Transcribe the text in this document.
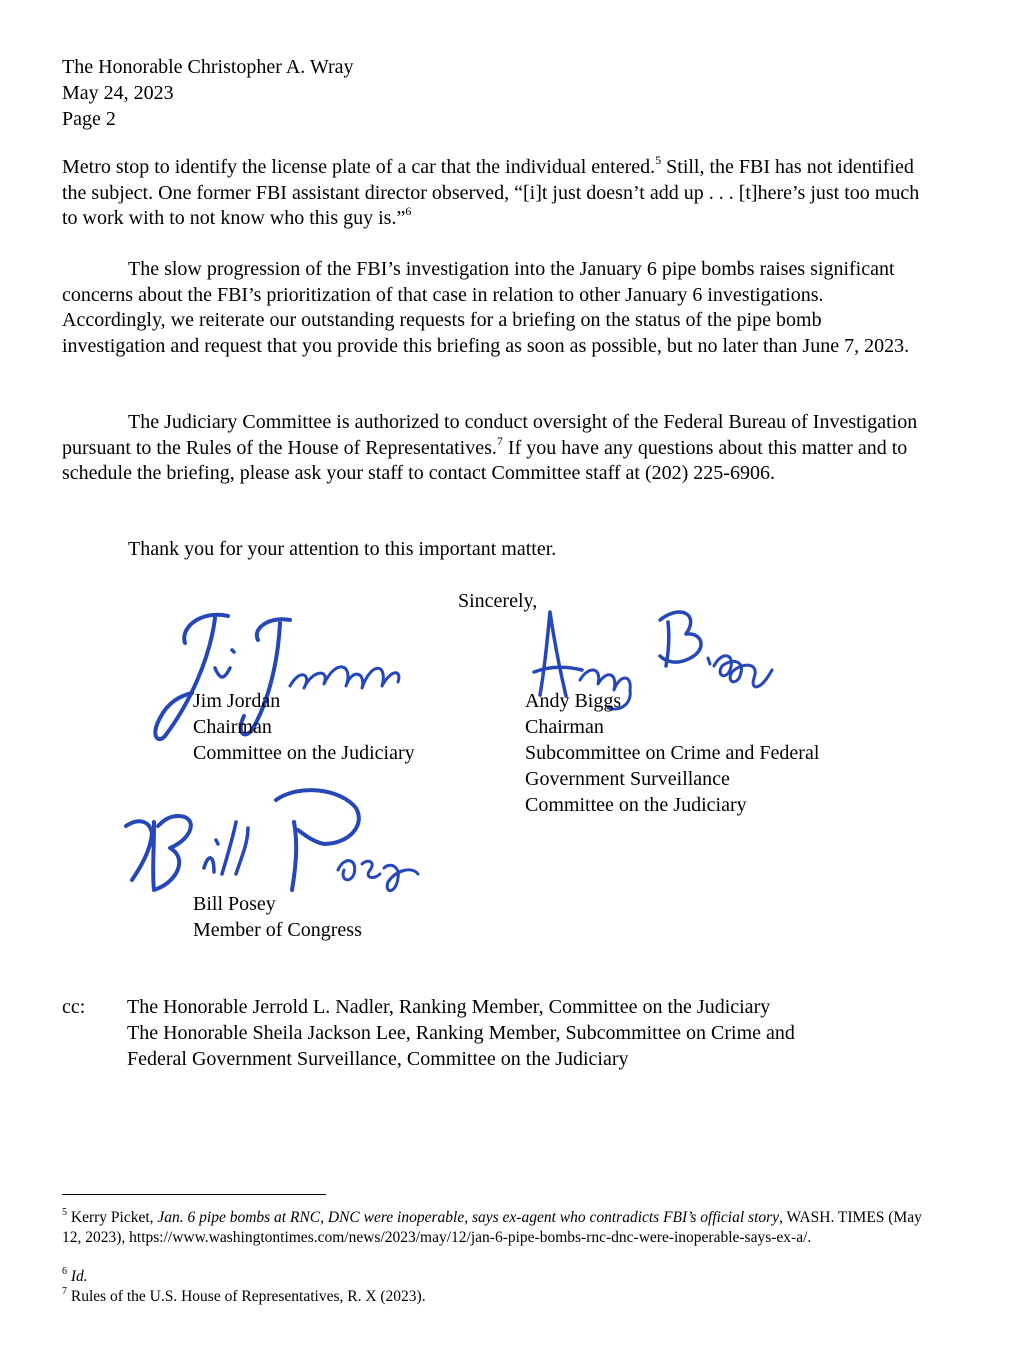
The Honorable Christopher A. Wray
May 24, 2023
Page 2

Metro stop to identify the license plate of a car that the individual entered.$^5$ Still, the FBI has not identified the subject. One former FBI assistant director observed, “[i]t just doesn’t add up . . . [t]here’s just too much to work with to not know who this guy is.”$^6$

The slow progression of the FBI’s investigation into the January 6 pipe bombs raises significant concerns about the FBI’s prioritization of that case in relation to other January 6 investigations. Accordingly, we reiterate our outstanding requests for a briefing on the status of the pipe bomb investigation and request that you provide this briefing as soon as possible, but no later than June 7, 2023.

The Judiciary Committee is authorized to conduct oversight of the Federal Bureau of Investigation pursuant to the Rules of the House of Representatives.$^7$ If you have any questions about this matter and to schedule the briefing, please ask your staff to contact Committee staff at (202) 225-6906.

Thank you for your attention to this important matter.

Sincerely,
Jim Jordan
Chairman
Committee on the Judiciary
Andy Biggs
Chairman
Subcommittee on Crime and Federal
Government Surveillance
Committee on the Judiciary
Bill Posey
Member of Congress
cc: The Honorable Jerrold L. Nadler, Ranking Member, Committee on the Judiciary
The Honorable Sheila Jackson Lee, Ranking Member, Subcommittee on Crime and
Federal Government Surveillance, Committee on the Judiciary
$^5$ Kerry Picket, Jan. 6 pipe bombs at RNC, DNC were inoperable, says ex-agent who contradicts FBI’s official story, WASH. TIMES (May 12, 2023), https://www.washingtontimes.com/news/2023/may/12/jan-6-pipe-bombs-rnc-dnc-were-inoperable-says-ex-a/.
$^6$ Id.
$^7$ Rules of the U.S. House of Representatives, R. X (2023).
